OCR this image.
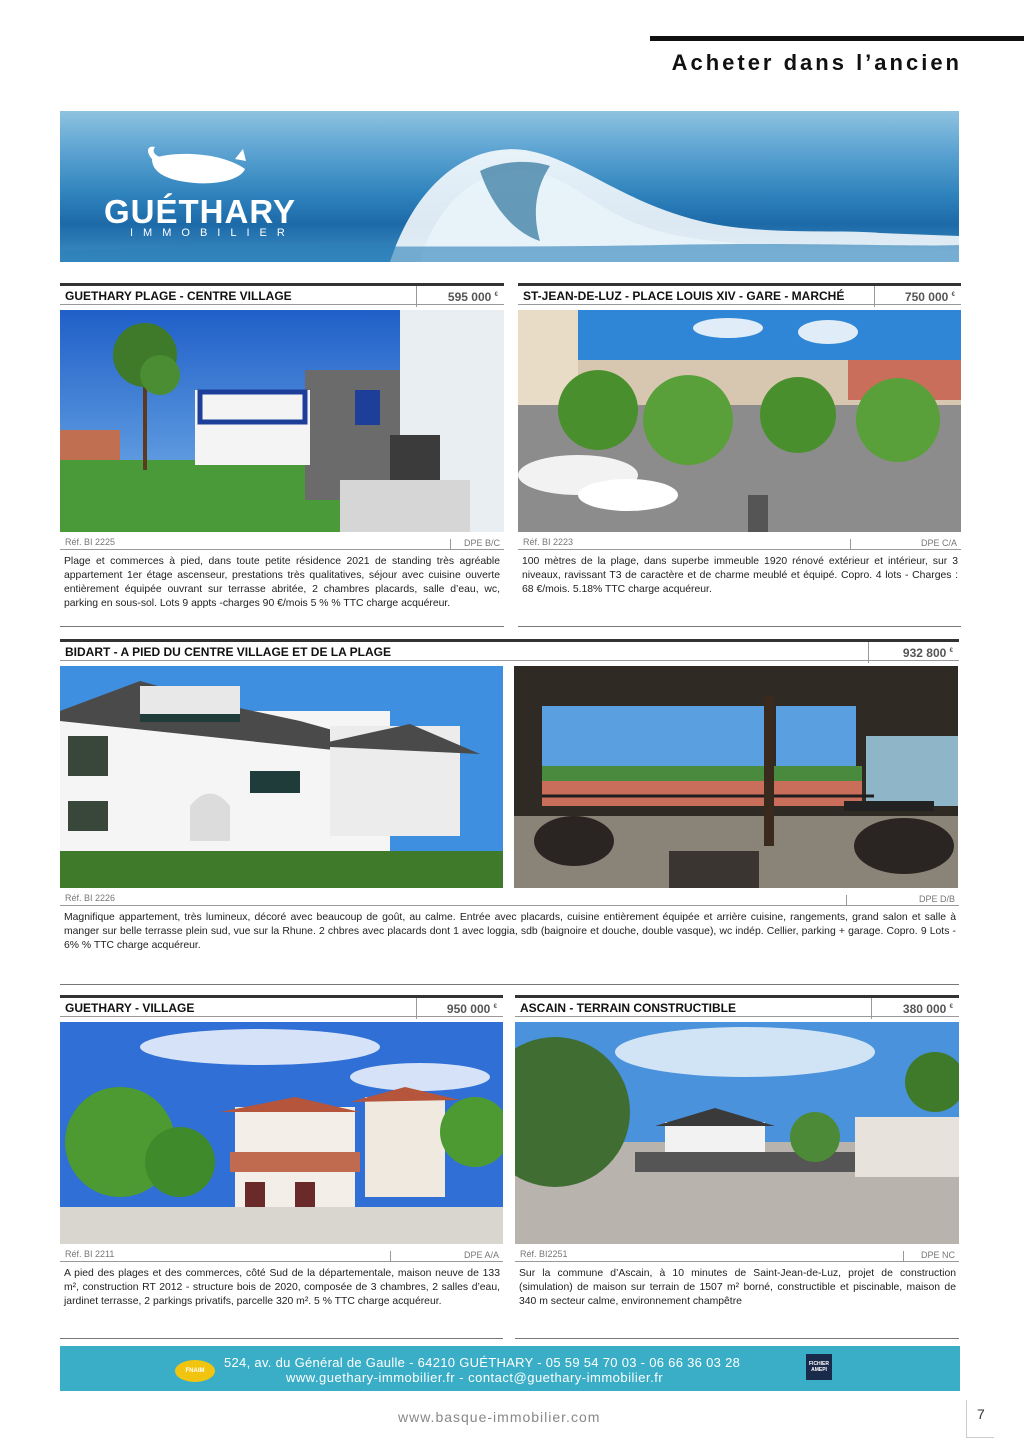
Acheter dans l’ancien
GUÉTHARY
IMMOBILIER
GUETHARY PLAGE - CENTRE VILLAGE	595 000 €
Réf. BI 2225	DPE B/C
Plage et commerces à pied, dans toute petite résidence 2021 de standing très agréable appartement 1er étage ascenseur, prestations très qualitatives, séjour avec cuisine ouverte entièrement équipée ouvrant sur terrasse abritée, 2 chambres placards, salle d’eau, wc, parking en sous-sol. Lots 9 appts -charges 90 €/mois 5 % % TTC charge acquéreur.
ST-JEAN-DE-LUZ - PLACE LOUIS XIV - GARE - MARCHÉ	750 000 €
Réf. BI 2223	DPE C/A
100 mètres de la plage, dans superbe immeuble 1920 rénové extérieur et intérieur, sur 3 niveaux, ravissant T3 de caractère et de charme meublé et équipé. Copro. 4 lots - Charges : 68 €/mois. 5.18% TTC charge acquéreur.
BIDART - A PIED DU CENTRE VILLAGE ET DE LA PLAGE	932 800 €
Réf. BI 2226	DPE D/B
Magnifique appartement, très lumineux, décoré avec beaucoup de goût, au calme. Entrée avec placards, cuisine entièrement équipée et arrière cuisine, rangements, grand salon et salle à manger sur belle terrasse plein sud, vue sur la Rhune. 2 chbres avec placards dont 1 avec loggia, sdb (baignoire et douche, double vasque), wc indép. Cellier, parking + garage. Copro. 9 Lots - 6% % TTC charge acquéreur.
GUETHARY - VILLAGE	950 000 €
Réf. BI 2211	DPE A/A
A pied des plages et des commerces, côté Sud de la départementale, maison neuve de 133 m², construction RT 2012 - structure bois de 2020, composée de 3 chambres, 2 salles d’eau, jardinet terrasse, 2 parkings privatifs, parcelle 320 m². 5 % TTC charge acquéreur.
ASCAIN - TERRAIN CONSTRUCTIBLE	380 000 €
Réf. BI2251	DPE NC
Sur la commune d’Ascain, à 10 minutes de Saint-Jean-de-Luz, projet de construction (simulation) de maison sur terrain de 1507 m² borné, constructible et piscinable, maison de 340 m secteur calme, environnement champêtre
FNAIM
524, av. du Général de Gaulle - 64210 GUÉTHARY - 05 59 54 70 03 - 06 66 36 03 28
www.guethary-immobilier.fr - contact@guethary-immobilier.fr
FICHIER AMEPI
www.basque-immobilier.com	7
